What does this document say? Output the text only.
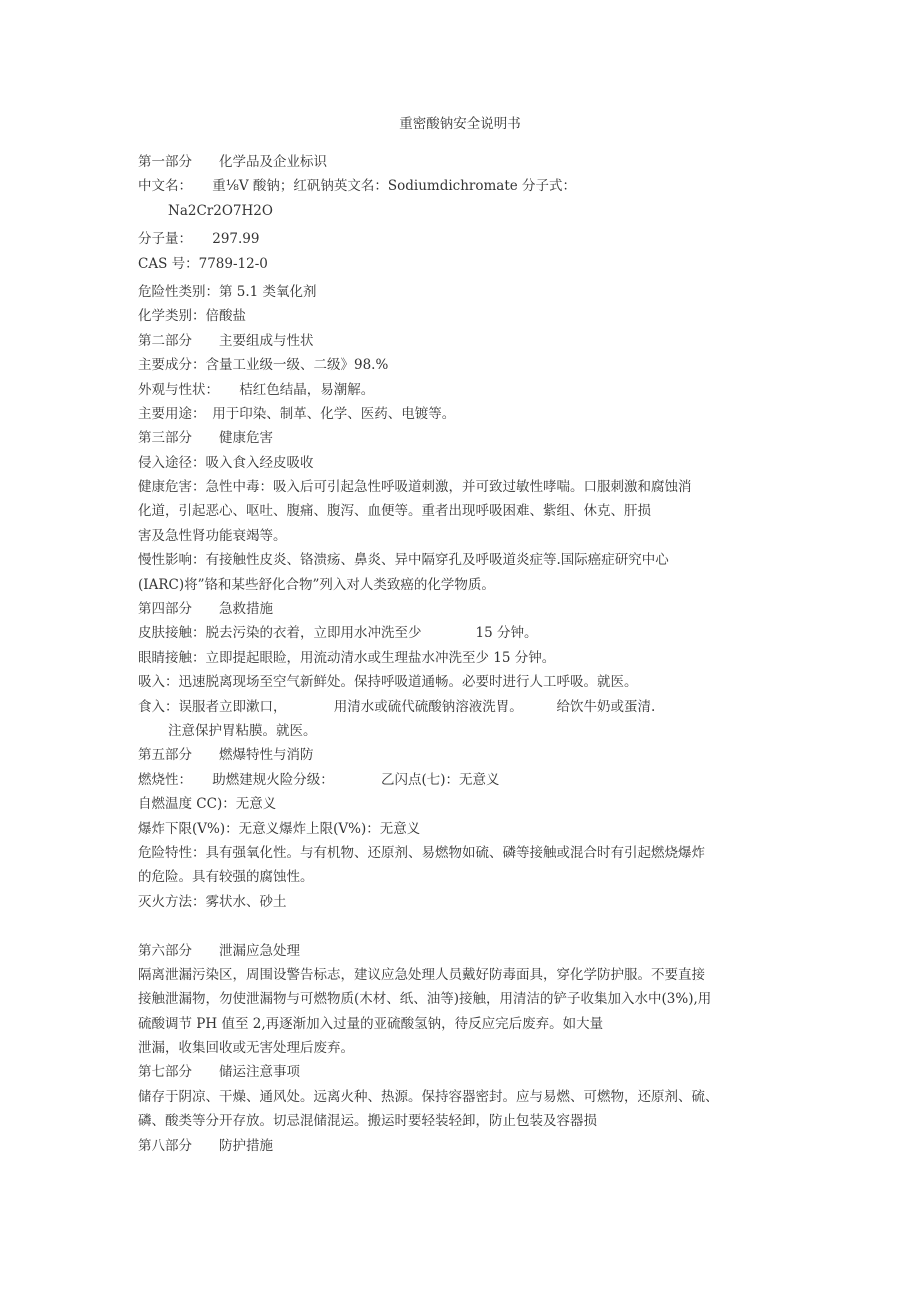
重密酸钠安全说明书
第一部分　　化学品及企业标识
中文名：　　重⅛V 酸钠；红矾钠英文名：Sodiumdichromate 分子式：
Na2Cr2O7H2O
分子量：　　297.99
CAS 号：7789-12-0
危险性类别：第 5.1 类氧化剂
化学类别：倍酸盐
第二部分　　主要组成与性状
主要成分：含量工业级一级、二级》98.%
外观与性状：　　桔红色结晶，易潮解。
主要用途：　用于印染、制革、化学、医药、电镀等。
第三部分　　健康危害
侵入途径：吸入食入经皮吸收
健康危害：急性中毒：吸入后可引起急性呼吸道刺激，并可致过敏性哮喘。口服刺激和腐蚀消
化道，引起恶心、呕吐、腹痛、腹泻、血便等。重者出现呼吸困难、紫组、休克、肝损
害及急性肾功能衰竭等。
慢性影响：有接触性皮炎、铬溃疡、鼻炎、异中隔穿孔及呼吸道炎症等.国际癌症研究中心
(IARC)将”铬和某些舒化合物”列入对人类致癌的化学物质。
第四部分　　急救措施
皮肤接触：脱去污染的衣着，立即用水冲洗至少　　　　15 分钟。
眼睛接触：立即提起眼睑，用流动清水或生理盐水冲洗至少 15 分钟。
吸入：迅速脱离现场至空气新鲜处。保持呼吸道通畅。必要时进行人工呼吸。就医。
食入：误服者立即漱口，　　　　用清水或硫代硫酸钠溶液洗胃。　　　给饮牛奶或蛋清.
注意保护胃粘膜。就医。
第五部分　　燃爆特性与消防
燃烧性：　　助燃建规火险分级：　　　　乙闪点(七)：无意义
自燃温度 CC)：无意义
爆炸下限(V%)：无意义爆炸上限(V%)：无意义
危险特性：具有强氧化性。与有机物、还原剂、易燃物如硫、磷等接触或混合时有引起燃烧爆炸
的危险。具有较强的腐蚀性。
灭火方法：雾状水、砂土
第六部分　　泄漏应急处理
隔离泄漏污染区，周围设警告标志，建议应急处理人员戴好防毒面具，穿化学防护服。不要直接
接触泄漏物，勿使泄漏物与可燃物质(木材、纸、油等)接触，用清洁的铲子收集加入水中(3%),用
硫酸调节 PH 值至 2,再逐渐加入过量的亚硫酸氢钠，待反应完后废弃。如大量
泄漏，收集回收或无害处理后废弃。
第七部分　　储运注意事项
储存于阴凉、干燥、通风处。远离火种、热源。保持容器密封。应与易燃、可燃物，还原剂、硫、
磷、酸类等分开存放。切忌混储混运。搬运时要轻装轻卸，防止包装及容器损
第八部分　　防护措施
